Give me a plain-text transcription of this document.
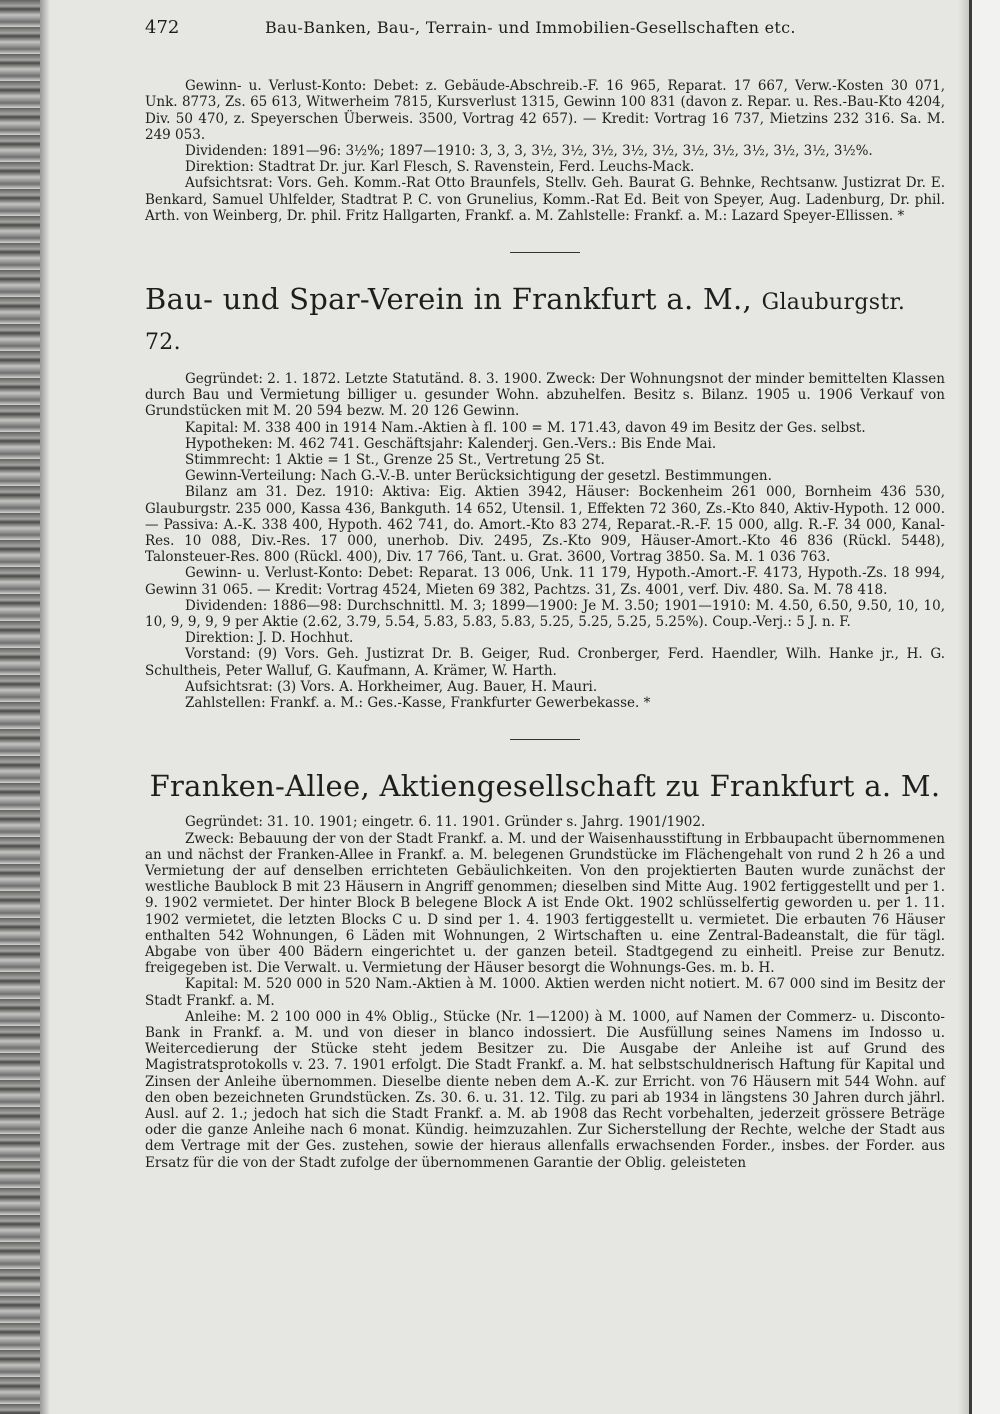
472	Bau-Banken, Bau-, Terrain- und Immobilien-Gesellschaften etc.

Gewinn- u. Verlust-Konto: Debet: z. Gebäude-Abschreib.-F. 16 965, Reparat. 17 667, Verw.-Kosten 30 071, Unk. 8773, Zs. 65 613, Witwerheim 7815, Kursverlust 1315, Gewinn 100 831 (davon z. Repar. u. Res.-Bau-Kto 4204, Div. 50 470, z. Speyerschen Überweis. 3500, Vortrag 42 657). — Kredit: Vortrag 16 737, Mietzins 232 316. Sa. M. 249 053.

Dividenden: 1891—96: 3½%; 1897—1910: 3, 3, 3, 3½, 3½, 3½, 3½, 3½, 3½, 3½, 3½, 3½, 3½, 3½%.

Direktion: Stadtrat Dr. jur. Karl Flesch, S. Ravenstein, Ferd. Leuchs-Mack.

Aufsichtsrat: Vors. Geh. Komm.-Rat Otto Braunfels, Stellv. Geh. Baurat G. Behnke, Rechtsanw. Justizrat Dr. E. Benkard, Samuel Uhlfelder, Stadtrat P. C. von Grunelius, Komm.-Rat Ed. Beit von Speyer, Aug. Ladenburg, Dr. phil. Arth. von Weinberg, Dr. phil. Fritz Hallgarten, Frankf. a. M. Zahlstelle: Frankf. a. M.: Lazard Speyer-Ellissen. *

Bau- und Spar-Verein in Frankfurt a. M., Glauburgstr. 72.

Gegründet: 2. 1. 1872. Letzte Statutänd. 8. 3. 1900. Zweck: Der Wohnungsnot der minder bemittelten Klassen durch Bau und Vermietung billiger u. gesunder Wohn. abzuhelfen. Besitz s. Bilanz. 1905 u. 1906 Verkauf von Grundstücken mit M. 20 594 bezw. M. 20 126 Gewinn.

Kapital: M. 338 400 in 1914 Nam.-Aktien à fl. 100 = M. 171.43, davon 49 im Besitz der Ges. selbst.

Hypotheken: M. 462 741. Geschäftsjahr: Kalenderj. Gen.-Vers.: Bis Ende Mai.

Stimmrecht: 1 Aktie = 1 St., Grenze 25 St., Vertretung 25 St.

Gewinn-Verteilung: Nach G.-V.-B. unter Berücksichtigung der gesetzl. Bestimmungen.

Bilanz am 31. Dez. 1910: Aktiva: Eig. Aktien 3942, Häuser: Bockenheim 261 000, Bornheim 436 530, Glauburgstr. 235 000, Kassa 436, Bankguth. 14 652, Utensil. 1, Effekten 72 360, Zs.-Kto 840, Aktiv-Hypoth. 12 000. — Passiva: A.-K. 338 400, Hypoth. 462 741, do. Amort.-Kto 83 274, Reparat.-R.-F. 15 000, allg. R.-F. 34 000, Kanal-Res. 10 088, Div.-Res. 17 000, unerhob. Div. 2495, Zs.-Kto 909, Häuser-Amort.-Kto 46 836 (Rückl. 5448), Talonsteuer-Res. 800 (Rückl. 400), Div. 17 766, Tant. u. Grat. 3600, Vortrag 3850. Sa. M. 1 036 763.

Gewinn- u. Verlust-Konto: Debet: Reparat. 13 006, Unk. 11 179, Hypoth.-Amort.-F. 4173, Hypoth.-Zs. 18 994, Gewinn 31 065. — Kredit: Vortrag 4524, Mieten 69 382, Pachtzs. 31, Zs. 4001, verf. Div. 480. Sa. M. 78 418.

Dividenden: 1886—98: Durchschnittl. M. 3; 1899—1900: Je M. 3.50; 1901—1910: M. 4.50, 6.50, 9.50, 10, 10, 10, 9, 9, 9, 9 per Aktie (2.62, 3.79, 5.54, 5.83, 5.83, 5.83, 5.25, 5.25, 5.25, 5.25%). Coup.-Verj.: 5 J. n. F.

Direktion: J. D. Hochhut.

Vorstand: (9) Vors. Geh. Justizrat Dr. B. Geiger, Rud. Cronberger, Ferd. Haendler, Wilh. Hanke jr., H. G. Schultheis, Peter Walluf, G. Kaufmann, A. Krämer, W. Harth.

Aufsichtsrat: (3) Vors. A. Horkheimer, Aug. Bauer, H. Mauri.

Zahlstellen: Frankf. a. M.: Ges.-Kasse, Frankfurter Gewerbekasse. *

Franken-Allee, Aktiengesellschaft zu Frankfurt a. M.

Gegründet: 31. 10. 1901; eingetr. 6. 11. 1901. Gründer s. Jahrg. 1901/1902.

Zweck: Bebauung der von der Stadt Frankf. a. M. und der Waisenhausstiftung in Erbbaupacht übernommenen an und nächst der Franken-Allee in Frankf. a. M. belegenen Grundstücke im Flächengehalt von rund 2 h 26 a und Vermietung der auf denselben errichteten Gebäulichkeiten. Von den projektierten Bauten wurde zunächst der westliche Baublock B mit 23 Häusern in Angriff genommen; dieselben sind Mitte Aug. 1902 fertiggestellt und per 1. 9. 1902 vermietet. Der hinter Block B belegene Block A ist Ende Okt. 1902 schlüsselfertig geworden u. per 1. 11. 1902 vermietet, die letzten Blocks C u. D sind per 1. 4. 1903 fertiggestellt u. vermietet. Die erbauten 76 Häuser enthalten 542 Wohnungen, 6 Läden mit Wohnungen, 2 Wirtschaften u. eine Zentral-Badeanstalt, die für tägl. Abgabe von über 400 Bädern eingerichtet u. der ganzen beteil. Stadtgegend zu einheitl. Preise zur Benutz. freigegeben ist. Die Verwalt. u. Vermietung der Häuser besorgt die Wohnungs-Ges. m. b. H.

Kapital: M. 520 000 in 520 Nam.-Aktien à M. 1000. Aktien werden nicht notiert. M. 67 000 sind im Besitz der Stadt Frankf. a. M.

Anleihe: M. 2 100 000 in 4% Oblig., Stücke (Nr. 1—1200) à M. 1000, auf Namen der Commerz- u. Disconto-Bank in Frankf. a. M. und von dieser in blanco indossiert. Die Ausfüllung seines Namens im Indosso u. Weitercedierung der Stücke steht jedem Besitzer zu. Die Ausgabe der Anleihe ist auf Grund des Magistratsprotokolls v. 23. 7. 1901 erfolgt. Die Stadt Frankf. a. M. hat selbstschuldnerisch Haftung für Kapital und Zinsen der Anleihe übernommen. Dieselbe diente neben dem A.-K. zur Erricht. von 76 Häusern mit 544 Wohn. auf den oben bezeichneten Grundstücken. Zs. 30. 6. u. 31. 12. Tilg. zu pari ab 1934 in längstens 30 Jahren durch jährl. Ausl. auf 2. 1.; jedoch hat sich die Stadt Frankf. a. M. ab 1908 das Recht vorbehalten, jederzeit grössere Beträge oder die ganze Anleihe nach 6 monat. Kündig. heimzuzahlen. Zur Sicherstellung der Rechte, welche der Stadt aus dem Vertrage mit der Ges. zustehen, sowie der hieraus allenfalls erwachsenden Forder., insbes. der Forder. aus Ersatz für die von der Stadt zufolge der übernommenen Garantie der Oblig. geleisteten
